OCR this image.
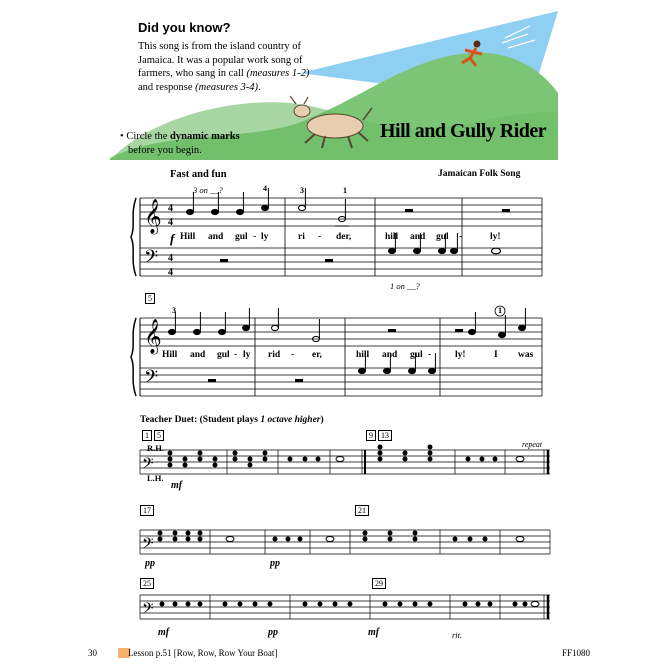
Did you know?
This song is from the island country of
Jamaica. It was a popular work song of
farmers, who sang in call (measures 1-2)
and response (measures 3-4).
• Circle the dynamic marks
before you begin.
Hill and Gully Rider
Fast and fun	Jamaican Folk Song
𝄞
𝄢
4
4
4
4
3 on __?	4	3	1
f Hill and gul - ly	ri - der,	hill and gul -	ly!
1 on __?
5
𝄞
𝄢
3	1
Hill and gul - ly rid - er,	hill and gul -	ly!	I was
Teacher Duet: (Student plays 1 octave higher)
𝄢
𝄢
𝄢
1	5	9	13
17	21
25	29
R.H.
L.H.
repeat
mf
pp
pp
mf
pp
mf	rit.
30	Lesson p.51 [Row, Row, Row Your Boat]	FF1080
